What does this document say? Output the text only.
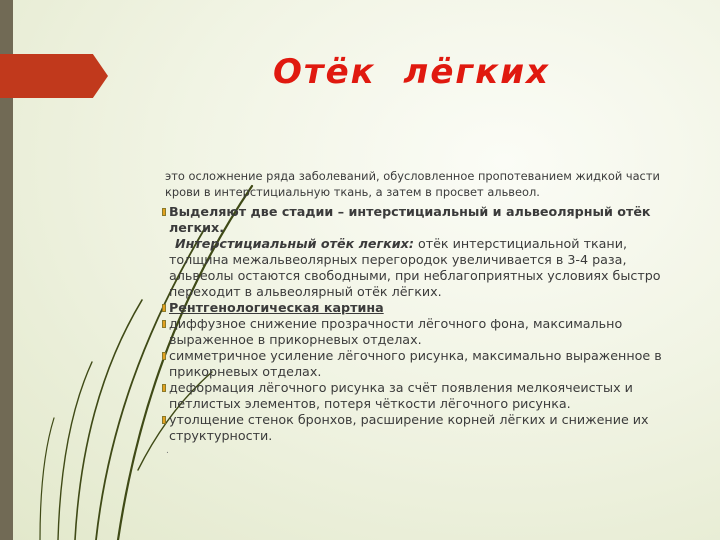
Отёк  лёгких
это осложнение ряда заболеваний, обусловленное пропотеванием жидкой части крови в интерстициальную ткань, а затем в просвет альвеол.
Выделяют две стадии – интерстициальный и альвеолярный отёк легких.
Интерстициальный отёк легких: отёк интерстициальной ткани, толщина межальвеолярных перегородок увеличивается в 3-4 раза, альвеолы остаются свободными, при неблагоприятных условиях быстро переходит в альвеолярный отёк лёгких.
Рентгенологическая картина
диффузное снижение прозрачности лёгочного фона, максимально выраженное в прикорневых отделах.
симметричное усиление лёгочного рисунка, максимально выраженное в прикорневых отделах.
деформация лёгочного рисунка за счёт появления мелкоячеистых и петлистых элементов, потеря чёткости лёгочного рисунка.
утолщение стенок бронхов, расширение корней лёгких и снижение их структурности.
.
